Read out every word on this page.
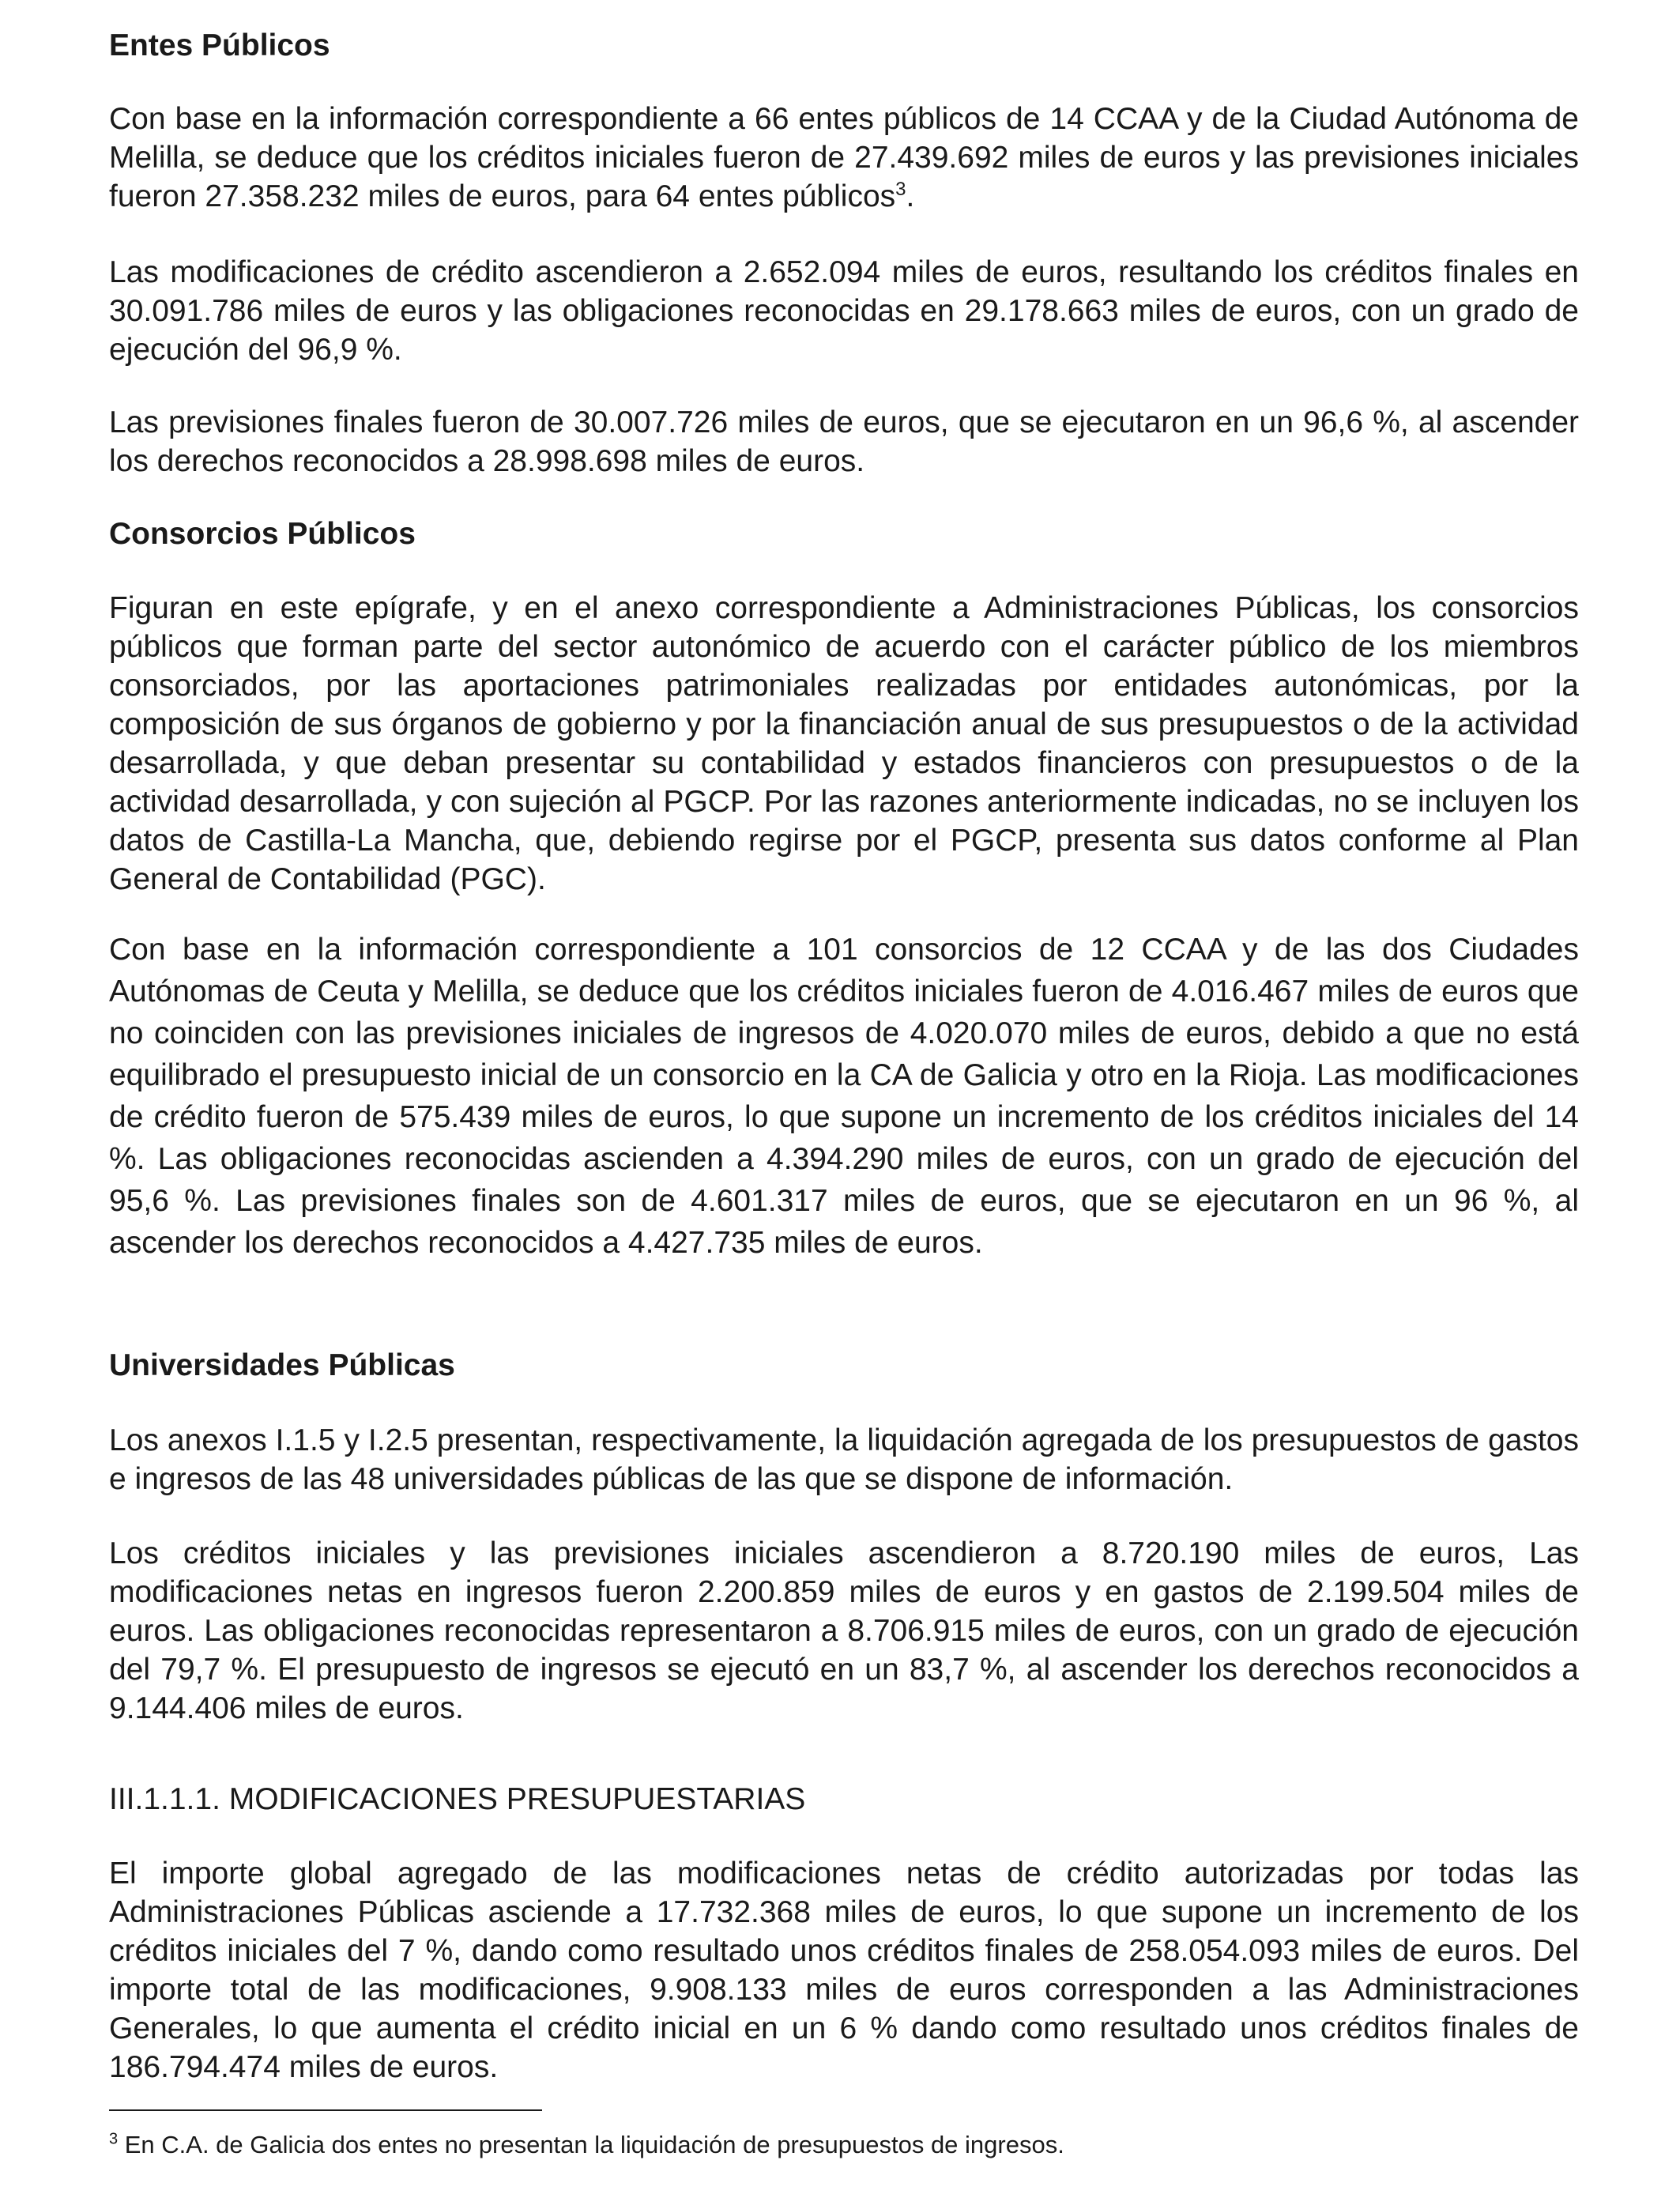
Entes Públicos

Con base en la información correspondiente a 66 entes públicos de 14 CCAA y de la Ciudad Autónoma de Melilla, se deduce que los créditos iniciales fueron de 27.439.692 miles de euros y las previsiones iniciales fueron 27.358.232 miles de euros, para 64 entes públicos$^3$.

Las modificaciones de crédito ascendieron a 2.652.094 miles de euros, resultando los créditos finales en 30.091.786 miles de euros y las obligaciones reconocidas en 29.178.663 miles de euros, con un grado de ejecución del 96,9 %.

Las previsiones finales fueron de 30.007.726 miles de euros, que se ejecutaron en un 96,6 %, al ascender los derechos reconocidos a 28.998.698 miles de euros.

Consorcios Públicos

Figuran en este epígrafe, y en el anexo correspondiente a Administraciones Públicas, los consorcios públicos que forman parte del sector autonómico de acuerdo con el carácter público de los miembros consorciados, por las aportaciones patrimoniales realizadas por entidades autonómicas, por la composición de sus órganos de gobierno y por la financiación anual de sus presupuestos o de la actividad desarrollada, y que deban presentar su contabilidad y estados financieros con presupuestos o de la actividad desarrollada, y con sujeción al PGCP. Por las razones anteriormente indicadas, no se incluyen los datos de Castilla-La Mancha, que, debiendo regirse por el PGCP, presenta sus datos conforme al Plan General de Contabilidad (PGC).

Con base en la información correspondiente a 101 consorcios de 12 CCAA y de las dos Ciudades Autónomas de Ceuta y Melilla, se deduce que los créditos iniciales fueron de 4.016.467 miles de euros que no coinciden con las previsiones iniciales de ingresos de 4.020.070 miles de euros, debido a que no está equilibrado el presupuesto inicial de un consorcio en la CA de Galicia y otro en la Rioja. Las modificaciones de crédito fueron de 575.439 miles de euros, lo que supone un incremento de los créditos iniciales del 14 %. Las obligaciones reconocidas ascienden a 4.394.290 miles de euros, con un grado de ejecución del 95,6 %. Las previsiones finales son de 4.601.317 miles de euros, que se ejecutaron en un 96 %, al ascender los derechos reconocidos a 4.427.735 miles de euros.

Universidades Públicas

Los anexos I.1.5 y I.2.5 presentan, respectivamente, la liquidación agregada de los presupuestos de gastos e ingresos de las 48 universidades públicas de las que se dispone de información.

Los créditos iniciales y las previsiones iniciales ascendieron a 8.720.190 miles de euros, Las modificaciones netas en ingresos fueron 2.200.859 miles de euros y en gastos de 2.199.504 miles de euros. Las obligaciones reconocidas representaron a 8.706.915 miles de euros, con un grado de ejecución del 79,7 %. El presupuesto de ingresos se ejecutó en un 83,7 %, al ascender los derechos reconocidos a 9.144.406 miles de euros.

III.1.1.1. MODIFICACIONES PRESUPUESTARIAS

El importe global agregado de las modificaciones netas de crédito autorizadas por todas las Administraciones Públicas asciende a 17.732.368 miles de euros, lo que supone un incremento de los créditos iniciales del 7 %, dando como resultado unos créditos finales de 258.054.093 miles de euros. Del importe total de las modificaciones, 9.908.133 miles de euros corresponden a las Administraciones Generales, lo que aumenta el crédito inicial en un 6 % dando como resultado unos créditos finales de 186.794.474 miles de euros.

$^3$ En C.A. de Galicia dos entes no presentan la liquidación de presupuestos de ingresos.
